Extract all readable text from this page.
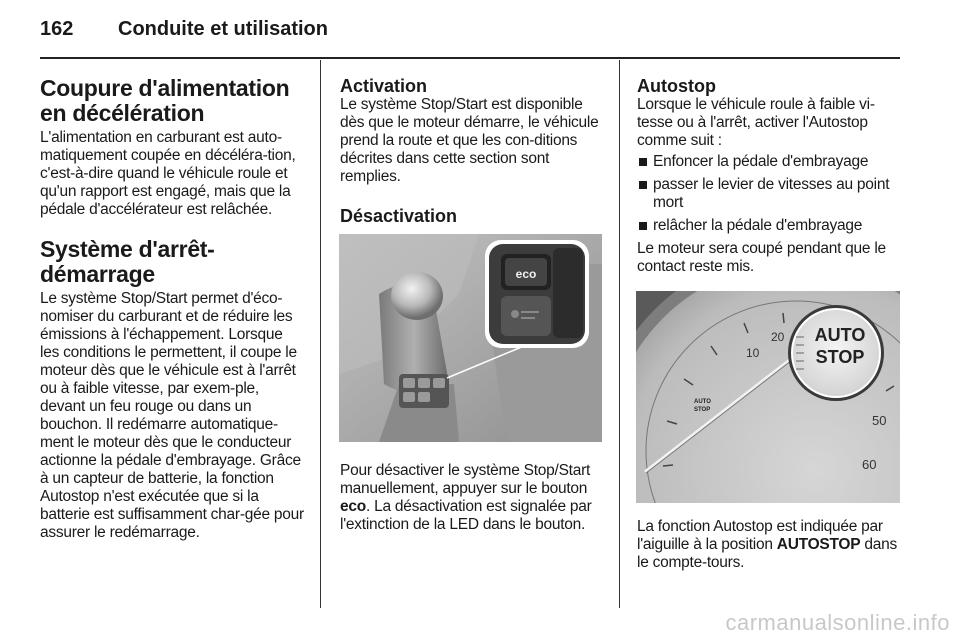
162 Conduite et utilisation
Coupure d'alimentation en décélération
L'alimentation en carburant est auto-matiquement coupée en décéléra-tion, c'est-à-dire quand le véhicule roule et qu'un rapport est engagé, mais que la pédale d'accélérateur est relâchée.
Système d'arrêt-démarrage
Le système Stop/Start permet d'éco-nomiser du carburant et de réduire les émissions à l'échappement. Lorsque les conditions le permettent, il coupe le moteur dès que le véhicule est à l'arrêt ou à faible vitesse, par exem-ple, devant un feu rouge ou dans un bouchon. Il redémarre automatique-ment le moteur dès que le conducteur actionne la pédale d'embrayage. Grâce à un capteur de batterie, la fonction Autostop n'est exécutée que si la batterie est suffisamment char-gée pour assurer le redémarrage.
Activation
Le système Stop/Start est disponible dès que le moteur démarre, le véhicule prend la route et que les con-ditions décrites dans cette section sont remplies.
Désactivation
eco
Pour désactiver le système Stop/Start manuellement, appuyer sur le bouton eco. La désactivation est signalée par l'extinction de la LED dans le bouton.
Autostop
Lorsque le véhicule roule à faible vi-tesse ou à l'arrêt, activer l'Autostop comme suit :
Enfoncer la pédale d'embrayage
passer le levier de vitesses au point mort
relâcher la pédale d'embrayage
Le moteur sera coupé pendant que le contact reste mis.
10
20
50
60
AUTO
STOP
AUTO
STOP
La fonction Autostop est indiquée par l'aiguille à la position AUTOSTOP dans le compte-tours.
carmanualsonline.info
